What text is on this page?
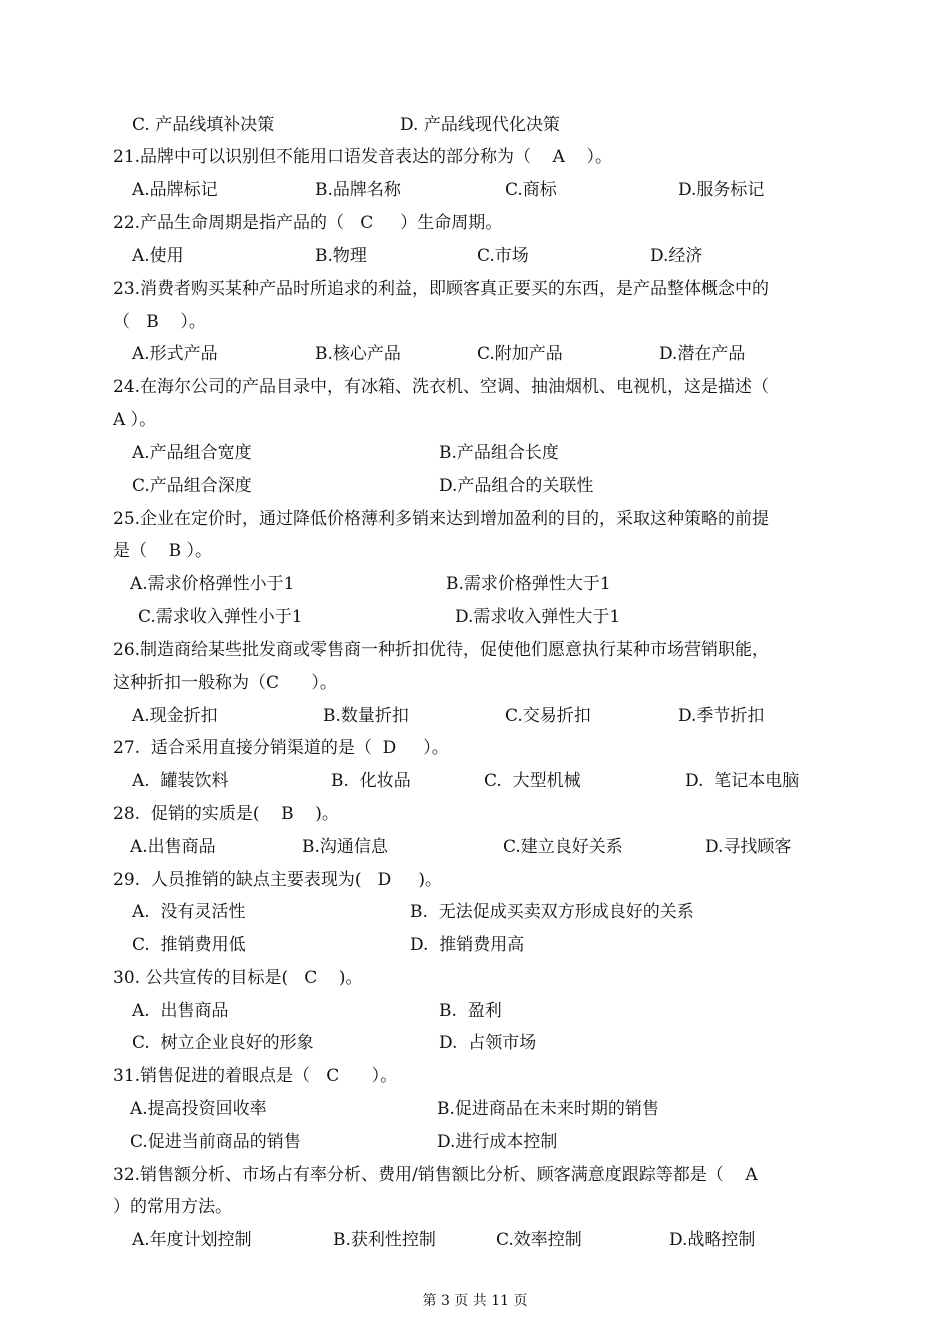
C. 产品线填补决策	D. 产品线现代化决策
21.品牌中可以识别但不能用口语发音表达的部分称为（    A    ）。
A.品牌标记	B.品牌名称	C.商标	D.服务标记
22.产品生命周期是指产品的（   C     ）生命周期。
A.使用	B.物理	C.市场	D.经济
23.消费者购买某种产品时所追求的利益，即顾客真正要买的东西，是产品整体概念中的
（   B    ）。
A.形式产品	B.核心产品	C.附加产品	D.潜在产品
24.在海尔公司的产品目录中，有冰箱、洗衣机、空调、抽油烟机、电视机，这是描述（
A ）。
A.产品组合宽度	B.产品组合长度
C.产品组合深度	D.产品组合的关联性
25.企业在定价时，通过降低价格薄利多销来达到增加盈利的目的，采取这种策略的前提
是（    B ）。
A.需求价格弹性小于1	B.需求价格弹性大于1
C.需求收入弹性小于1	D.需求收入弹性大于1
26.制造商给某些批发商或零售商一种折扣优待，促使他们愿意执行某种市场营销职能，
这种折扣一般称为（C      ）。
A.现金折扣	B.数量折扣	C.交易折扣	D.季节折扣
27.  适合采用直接分销渠道的是（  D     ）。
A.  罐装饮料	B.  化妆品	C.  大型机械	D.  笔记本电脑
28.  促销的实质是(    B    )。
A.出售商品	B.沟通信息	C.建立良好关系	D.寻找顾客
29.  人员推销的缺点主要表现为(   D     )。
A.  没有灵活性	B.  无法促成买卖双方形成良好的关系
C.  推销费用低	D.  推销费用高
30. 公共宣传的目标是(   C    )。
A.  出售商品	B.  盈利
C.  树立企业良好的形象	D.  占领市场
31.销售促进的着眼点是（   C      ）。
A.提高投资回收率	B.促进商品在未来时期的销售
C.促进当前商品的销售	D.进行成本控制
32.销售额分析、市场占有率分析、费用/销售额比分析、顾客满意度跟踪等都是（    A
）的常用方法。
A.年度计划控制	B.获利性控制	C.效率控制	D.战略控制
第 3 页 共 11 页
